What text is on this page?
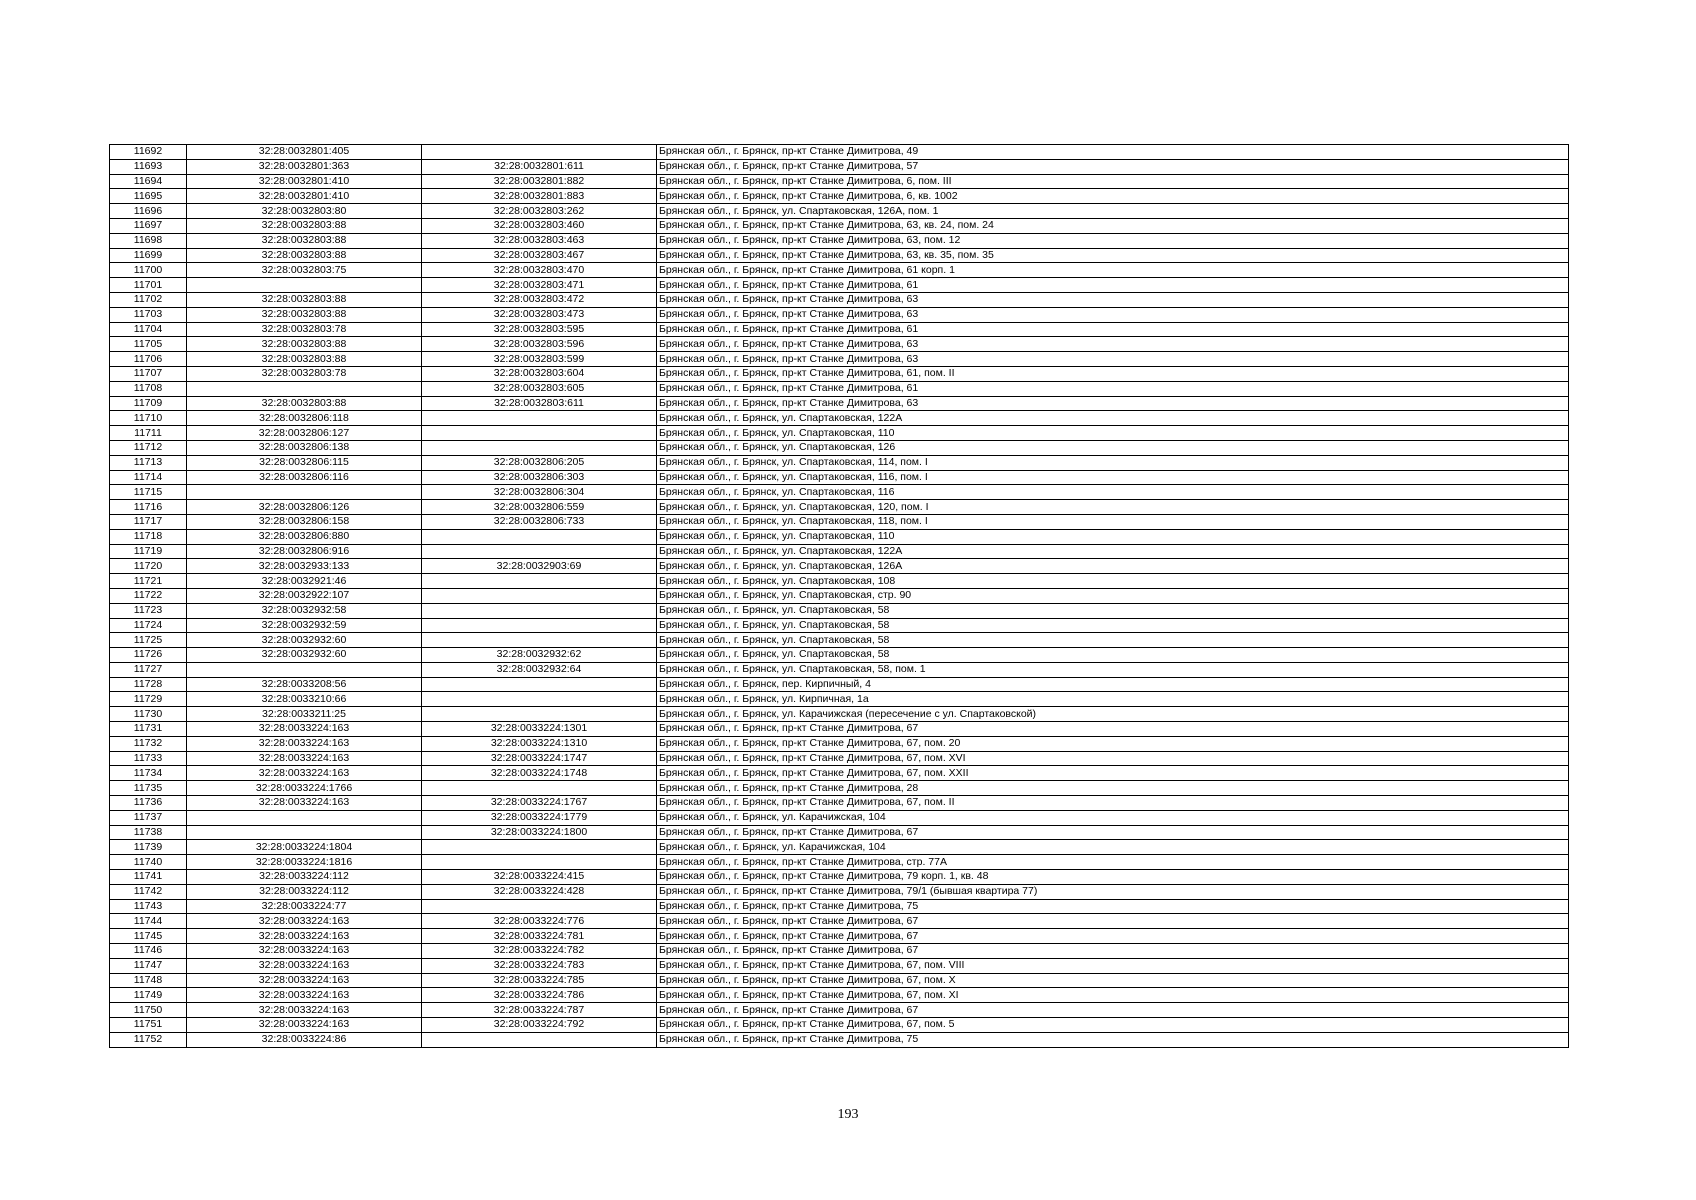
11692	32:28:0032801:405		Брянская обл., г. Брянск, пр-кт Станке Димитрова, 49
11693	32:28:0032801:363	32:28:0032801:611	Брянская обл., г. Брянск, пр-кт Станке Димитрова, 57
11694	32:28:0032801:410	32:28:0032801:882	Брянская обл., г. Брянск, пр-кт Станке Димитрова, 6, пом. III
11695	32:28:0032801:410	32:28:0032801:883	Брянская обл., г. Брянск, пр-кт Станке Димитрова, 6, кв. 1002
11696	32:28:0032803:80	32:28:0032803:262	Брянская обл., г. Брянск, ул. Спартаковская, 126А, пом. 1
11697	32:28:0032803:88	32:28:0032803:460	Брянская обл., г. Брянск, пр-кт Станке Димитрова, 63, кв. 24, пом. 24
11698	32:28:0032803:88	32:28:0032803:463	Брянская обл., г. Брянск, пр-кт Станке Димитрова, 63, пом. 12
11699	32:28:0032803:88	32:28:0032803:467	Брянская обл., г. Брянск, пр-кт Станке Димитрова, 63, кв. 35, пом. 35
11700	32:28:0032803:75	32:28:0032803:470	Брянская обл., г. Брянск, пр-кт Станке Димитрова, 61 корп. 1
11701		32:28:0032803:471	Брянская обл., г. Брянск, пр-кт Станке Димитрова, 61
11702	32:28:0032803:88	32:28:0032803:472	Брянская обл., г. Брянск, пр-кт Станке Димитрова, 63
11703	32:28:0032803:88	32:28:0032803:473	Брянская обл., г. Брянск, пр-кт Станке Димитрова, 63
11704	32:28:0032803:78	32:28:0032803:595	Брянская обл., г. Брянск, пр-кт Станке Димитрова, 61
11705	32:28:0032803:88	32:28:0032803:596	Брянская обл., г. Брянск, пр-кт Станке Димитрова, 63
11706	32:28:0032803:88	32:28:0032803:599	Брянская обл., г. Брянск, пр-кт Станке Димитрова, 63
11707	32:28:0032803:78	32:28:0032803:604	Брянская обл., г. Брянск, пр-кт Станке Димитрова, 61, пом. II
11708		32:28:0032803:605	Брянская обл., г. Брянск, пр-кт Станке Димитрова, 61
11709	32:28:0032803:88	32:28:0032803:611	Брянская обл., г. Брянск, пр-кт Станке Димитрова, 63
11710	32:28:0032806:118		Брянская обл., г. Брянск, ул. Спартаковская, 122А
11711	32:28:0032806:127		Брянская обл., г. Брянск, ул. Спартаковская, 110
11712	32:28:0032806:138		Брянская обл., г. Брянск, ул. Спартаковская, 126
11713	32:28:0032806:115	32:28:0032806:205	Брянская обл., г. Брянск, ул. Спартаковская, 114, пом. I
11714	32:28:0032806:116	32:28:0032806:303	Брянская обл., г. Брянск, ул. Спартаковская, 116, пом. I
11715		32:28:0032806:304	Брянская обл., г. Брянск, ул. Спартаковская, 116
11716	32:28:0032806:126	32:28:0032806:559	Брянская обл., г. Брянск, ул. Спартаковская, 120, пом. I
11717	32:28:0032806:158	32:28:0032806:733	Брянская обл., г. Брянск, ул. Спартаковская, 118, пом. I
11718	32:28:0032806:880		Брянская обл., г. Брянск, ул. Спартаковская, 110
11719	32:28:0032806:916		Брянская обл., г. Брянск, ул. Спартаковская, 122А
11720	32:28:0032933:133	32:28:0032903:69	Брянская обл., г. Брянск, ул. Спартаковская, 126А
11721	32:28:0032921:46		Брянская обл., г. Брянск, ул. Спартаковская, 108
11722	32:28:0032922:107		Брянская обл., г. Брянск, ул. Спартаковская, стр. 90
11723	32:28:0032932:58		Брянская обл., г. Брянск, ул. Спартаковская, 58
11724	32:28:0032932:59		Брянская обл., г. Брянск, ул. Спартаковская, 58
11725	32:28:0032932:60		Брянская обл., г. Брянск, ул. Спартаковская, 58
11726	32:28:0032932:60	32:28:0032932:62	Брянская обл., г. Брянск, ул. Спартаковская, 58
11727		32:28:0032932:64	Брянская обл., г. Брянск, ул. Спартаковская, 58, пом. 1
11728	32:28:0033208:56		Брянская обл., г. Брянск, пер. Кирпичный, 4
11729	32:28:0033210:66		Брянская обл., г. Брянск, ул. Кирпичная, 1а
11730	32:28:0033211:25		Брянская обл., г. Брянск, ул. Карачижская (пересечение с ул. Спартаковской)
11731	32:28:0033224:163	32:28:0033224:1301	Брянская обл., г. Брянск, пр-кт Станке Димитрова, 67
11732	32:28:0033224:163	32:28:0033224:1310	Брянская обл., г. Брянск, пр-кт Станке Димитрова, 67, пом. 20
11733	32:28:0033224:163	32:28:0033224:1747	Брянская обл., г. Брянск, пр-кт Станке Димитрова, 67, пом. XVI
11734	32:28:0033224:163	32:28:0033224:1748	Брянская обл., г. Брянск, пр-кт Станке Димитрова, 67, пом. XXII
11735	32:28:0033224:1766		Брянская обл., г. Брянск, пр-кт Станке Димитрова, 28
11736	32:28:0033224:163	32:28:0033224:1767	Брянская обл., г. Брянск, пр-кт Станке Димитрова, 67, пом. II
11737		32:28:0033224:1779	Брянская обл., г. Брянск, ул. Карачижская, 104
11738		32:28:0033224:1800	Брянская обл., г. Брянск, пр-кт Станке Димитрова, 67
11739	32:28:0033224:1804		Брянская обл., г. Брянск, ул. Карачижская, 104
11740	32:28:0033224:1816		Брянская обл., г. Брянск, пр-кт Станке Димитрова, стр. 77А
11741	32:28:0033224:112	32:28:0033224:415	Брянская обл., г. Брянск, пр-кт Станке Димитрова, 79 корп. 1, кв. 48
11742	32:28:0033224:112	32:28:0033224:428	Брянская обл., г. Брянск, пр-кт Станке Димитрова, 79/1 (бывшая квартира 77)
11743	32:28:0033224:77		Брянская обл., г. Брянск, пр-кт Станке Димитрова, 75
11744	32:28:0033224:163	32:28:0033224:776	Брянская обл., г. Брянск, пр-кт Станке Димитрова, 67
11745	32:28:0033224:163	32:28:0033224:781	Брянская обл., г. Брянск, пр-кт Станке Димитрова, 67
11746	32:28:0033224:163	32:28:0033224:782	Брянская обл., г. Брянск, пр-кт Станке Димитрова, 67
11747	32:28:0033224:163	32:28:0033224:783	Брянская обл., г. Брянск, пр-кт Станке Димитрова, 67, пом. VIII
11748	32:28:0033224:163	32:28:0033224:785	Брянская обл., г. Брянск, пр-кт Станке Димитрова, 67, пом. X
11749	32:28:0033224:163	32:28:0033224:786	Брянская обл., г. Брянск, пр-кт Станке Димитрова, 67, пом. XI
11750	32:28:0033224:163	32:28:0033224:787	Брянская обл., г. Брянск, пр-кт Станке Димитрова, 67
11751	32:28:0033224:163	32:28:0033224:792	Брянская обл., г. Брянск, пр-кт Станке Димитрова, 67, пом. 5
11752	32:28:0033224:86		Брянская обл., г. Брянск, пр-кт Станке Димитрова, 75
193
